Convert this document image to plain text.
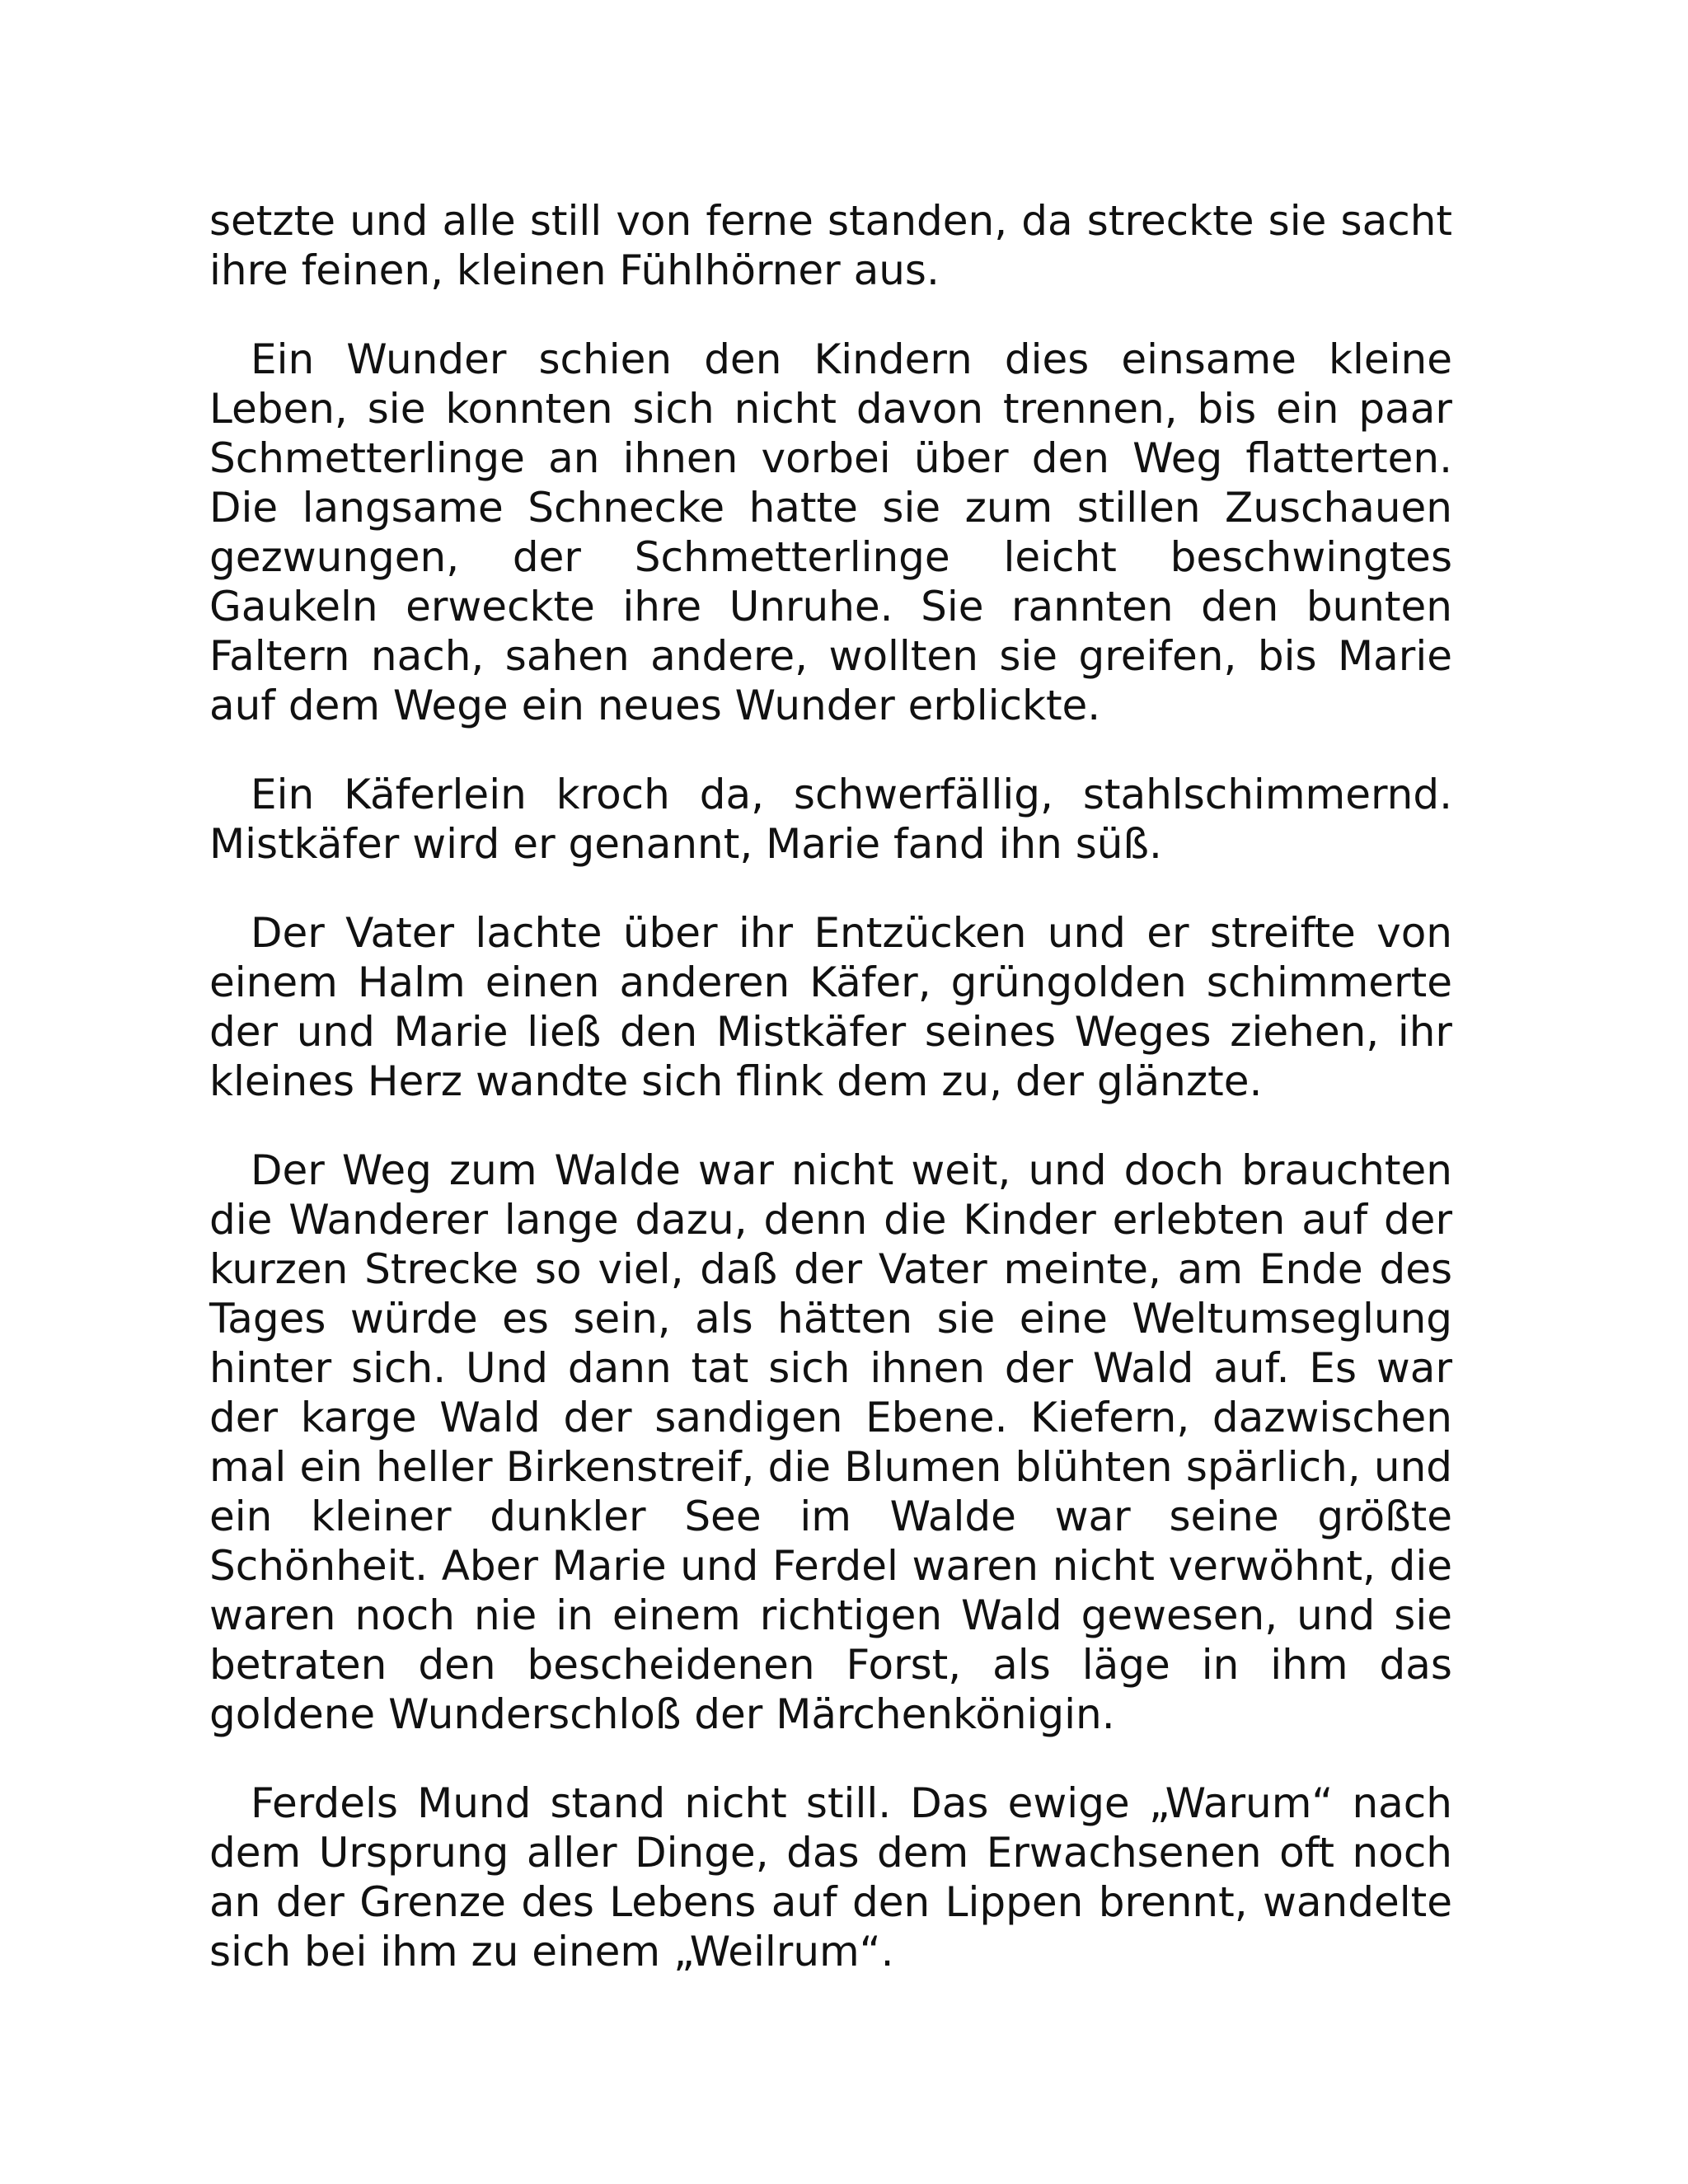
setzte und alle still von ferne standen, da streckte sie sacht ihre feinen, kleinen Fühlhörner aus.

Ein Wunder schien den Kindern dies einsame kleine Leben, sie konnten sich nicht davon trennen, bis ein paar Schmetterlinge an ihnen vorbei über den Weg flatterten. Die langsame Schnecke hatte sie zum stillen Zuschauen gezwungen, der Schmetterlinge leicht beschwingtes Gaukeln erweckte ihre Unruhe. Sie rannten den bunten Faltern nach, sahen andere, wollten sie greifen, bis Marie auf dem Wege ein neues Wunder erblickte.

Ein Käferlein kroch da, schwerfällig, stahlschimmernd. Mistkäfer wird er genannt, Marie fand ihn süß.

Der Vater lachte über ihr Entzücken und er streifte von einem Halm einen anderen Käfer, grüngolden schimmerte der und Marie ließ den Mistkäfer seines Weges ziehen, ihr kleines Herz wandte sich flink dem zu, der glänzte.

Der Weg zum Walde war nicht weit, und doch brauchten die Wanderer lange dazu, denn die Kinder erlebten auf der kurzen Strecke so viel, daß der Vater meinte, am Ende des Tages würde es sein, als hätten sie eine Weltumseglung hinter sich. Und dann tat sich ihnen der Wald auf. Es war der karge Wald der sandigen Ebene. Kiefern, dazwischen mal ein heller Birkenstreif, die Blumen blühten spärlich, und ein kleiner dunkler See im Walde war seine größte Schönheit. Aber Marie und Ferdel waren nicht verwöhnt, die waren noch nie in einem richtigen Wald gewesen, und sie betraten den bescheidenen Forst, als läge in ihm das goldene Wunderschloß der Märchenkönigin.

Ferdels Mund stand nicht still. Das ewige „Warum“ nach dem Ursprung aller Dinge, das dem Erwachsenen oft noch an der Grenze des Lebens auf den Lippen brennt, wandelte sich bei ihm zu einem „Weilrum“.
